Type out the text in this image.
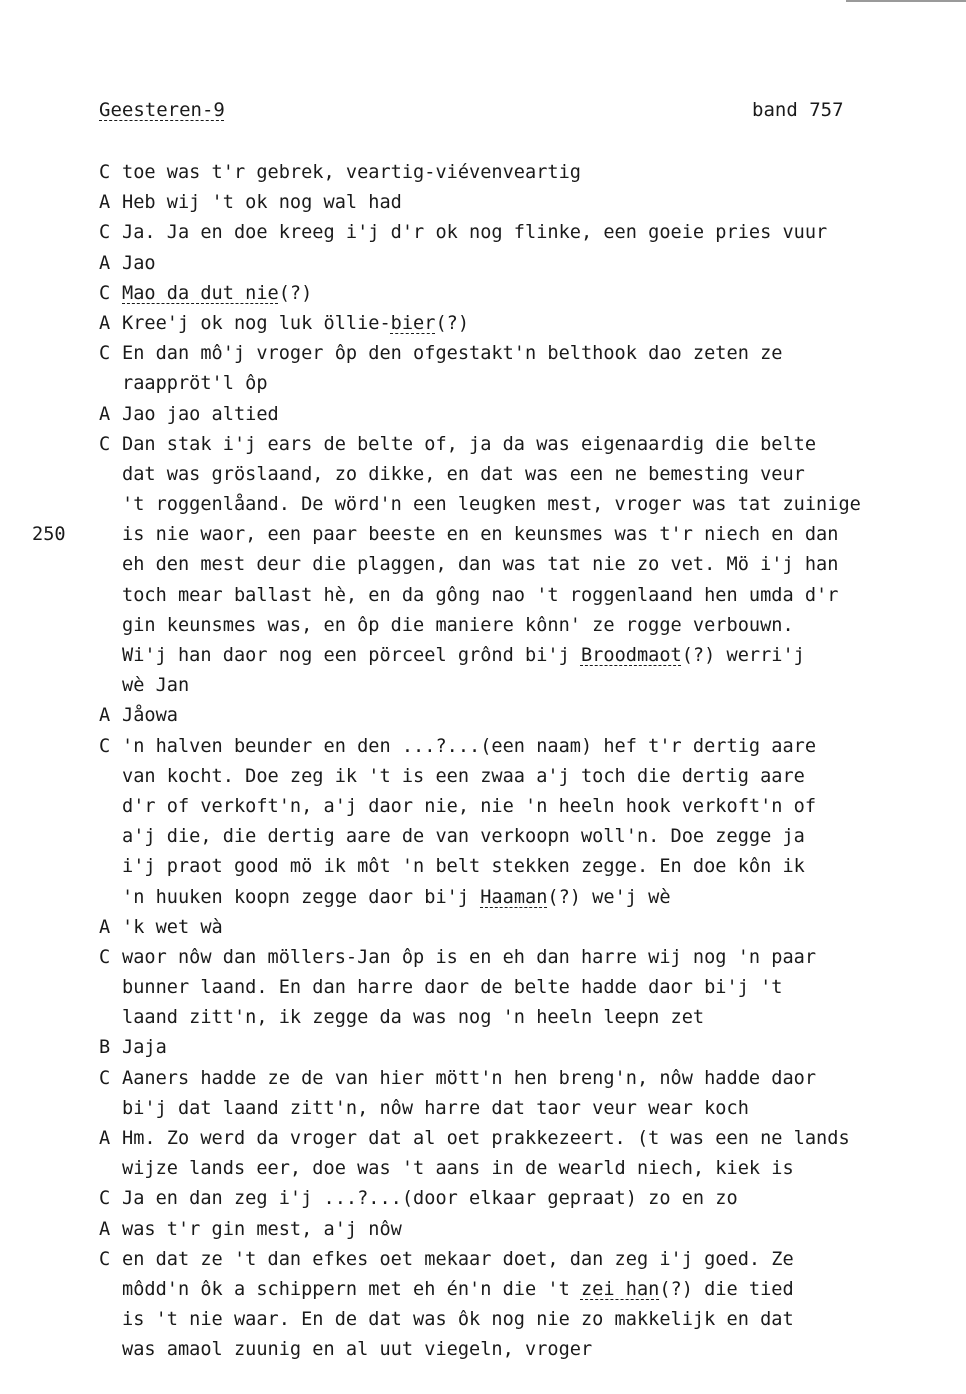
Geesteren-9	band 757
C toe was t'r gebrek, veartig-viévenveartig
A Heb wij 't ok nog wal had
C Ja. Ja en doe kreeg i'j d'r ok nog flinke, een goeie pries vuur
A Jao
C Mao da dut nie(?)
A Kree'j ok nog luk öllie-bier(?)
C En dan mô'j vroger ôp den ofgestakt'n belthook dao zeten ze
raappröt'l ôp
A Jao jao altied
C Dan stak i'j ears de belte of, ja da was eigenaardig die belte
dat was gröslaand, zo dikke, en dat was een ne bemesting veur
't roggenlåand. De wörd'n een leugken mest, vroger was tat zuinige
250	is nie waor, een paar beeste en en keunsmes was t'r niech en dan
eh den mest deur die plaggen, dan was tat nie zo vet. Mö i'j han
toch mear ballast hè, en da gông nao 't roggenlaand hen umda d'r
gin keunsmes was, en ôp die maniere kônn' ze rogge verbouwn.
Wi'j han daor nog een pörceel grônd bi'j Broodmaot(?) werri'j
wè Jan
A Jåowa
C 'n halven beunder en den ...?...(een naam) hef t'r dertig aare
van kocht. Doe zeg ik 't is een zwaa a'j toch die dertig aare
d'r of verkoft'n, a'j daor nie, nie 'n heeln hook verkoft'n of
a'j die, die dertig aare de van verkoopn woll'n. Doe zegge ja
i'j praot good mö ik môt 'n belt stekken zegge. En doe kôn ik
'n huuken koopn zegge daor bi'j Haaman(?) we'j wè
A 'k wet wà
C waor nôw dan möllers-Jan ôp is en eh dan harre wij nog 'n paar
bunner laand. En dan harre daor de belte hadde daor bi'j 't
laand zitt'n, ik zegge da was nog 'n heeln leepn zet
B Jaja
C Aaners hadde ze de van hier mött'n hen breng'n, nôw hadde daor
bi'j dat laand zitt'n, nôw harre dat taor veur wear koch
A Hm. Zo werd da vroger dat al oet prakkezeert. (t was een ne lands
wijze lands eer, doe was 't aans in de wearld niech, kiek is
C Ja en dan zeg i'j ...?...(door elkaar gepraat) zo en zo
A was t'r gin mest, a'j nôw
C en dat ze 't dan efkes oet mekaar doet, dan zeg i'j goed. Ze
môdd'n ôk a schippern met eh én'n die 't zei han(?) die tied
is 't nie waar. En de dat was ôk nog nie zo makkelijk en dat
was amaol zuunig en al uut viegeln, vroger
